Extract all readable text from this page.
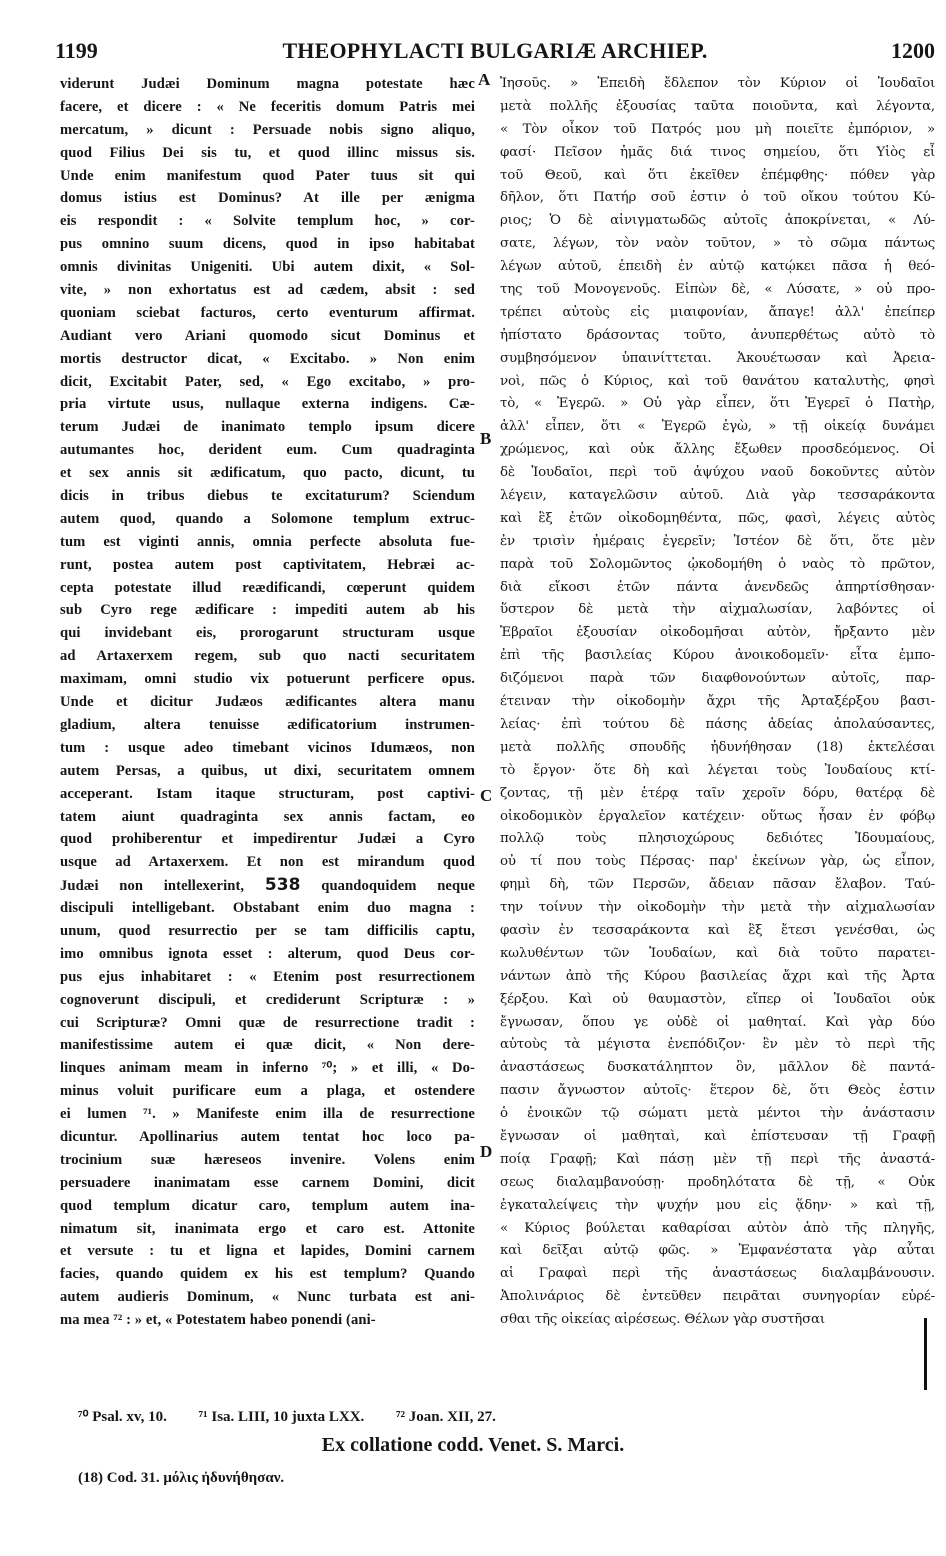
1199	THEOPHYLACTI BULGARIÆ ARCHIEP.	1200
viderunt Judæi Dominum magna potestate hæc
facere, et dicere : « Ne feceritis domum Patris mei
mercatum, » dicunt : Persuade nobis signo aliquo,
quod Filius Dei sis tu, et quod illinc missus sis.
Unde enim manifestum quod Pater tuus sit qui
domus istius est Dominus? At ille per ænigma
eis respondit : « Solvite templum hoc, » cor-
pus omnino suum dicens, quod in ipso habitabat
omnis divinitas Unigeniti. Ubi autem dixit, « Sol-
vite, » non exhortatus est ad cædem, absit : sed
quoniam sciebat facturos, certo eventurum affirmat.
Audiant vero Ariani quomodo sicut Dominus et
mortis destructor dicat, « Excitabo. » Non enim
dicit, Excitabit Pater, sed, « Ego excitabo, » pro-
pria virtute usus, nullaque externa indigens. Cæ-
terum Judæi de inanimato templo ipsum dicere
autumantes hoc, derident eum. Cum quadraginta
et sex annis sit ædificatum, quo pacto, dicunt, tu
dicis in tribus diebus te excitaturum? Sciendum
autem quod, quando a Solomone templum extruc-
tum est viginti annis, omnia perfecte absoluta fue-
runt, postea autem post captivitatem, Hebræi ac-
cepta potestate illud reædificandi, cœperunt quidem
sub Cyro rege ædificare : impediti autem ab his
qui invidebant eis, prorogarunt structuram usque
ad Artaxerxem regem, sub quo nacti securitatem
maximam, omni studio vix potuerunt perficere opus.
Unde et dicitur Judæos ædificantes altera manu
gladium, altera tenuisse ædificatorium instrumen-
tum : usque adeo timebant vicinos Idumæos, non
autem Persas, a quibus, ut dixi, securitatem omnem
acceperant. Istam itaque structuram, post captivi-
tatem aiunt quadraginta sex annis factam, eo
quod prohiberentur et impedirentur Judæi a Cyro
usque ad Artaxerxem. Et non est mirandum quod
Judæi non intellexerint, 538 quandoquidem neque
discipuli intelligebant. Obstabant enim duo magna :
unum, quod resurrectio per se tam difficilis captu,
imo omnibus ignota esset : alterum, quod Deus cor-
pus ejus inhabitaret : « Etenim post resurrectionem
cognoverunt discipuli, et crediderunt Scripturæ : »
cui Scripturæ? Omni quæ de resurrectione tradit :
manifestissime autem ei quæ dicit, « Non dere-
linques animam meam in inferno ⁷⁰; » et illi, « Do-
minus voluit purificare eum a plaga, et ostendere
ei lumen ⁷¹. » Manifeste enim illa de resurrectione
dicuntur. Apollinarius autem tentat hoc loco pa-
trocinium suæ hæreseos invenire. Volens enim
persuadere inanimatam esse carnem Domini, dicit
quod templum dicatur caro, templum autem ina-
nimatum sit, inanimata ergo et caro est. Attonite
et versute : tu et ligna et lapides, Domini carnem
facies, quando quidem ex his est templum? Quando
autem audieris Dominum, « Nunc turbata est ani-
ma mea ⁷² : » et, « Potestatem habeo ponendi (ani-
A
B
C
D
Ἰησοῦς. » Ἐπειδὴ ἔδλεπον τὸν Κύριον οἱ Ἰουδαῖοι
μετὰ πολλῆς ἐξουσίας ταῦτα ποιοῦντα, καὶ λέγοντα,
« Τὸν οἶκον τοῦ Πατρός μου μὴ ποιεῖτε ἐμπόριον, »
φασί· Πεῖσον ἡμᾶς διά τινος σημείου, ὅτι Υἱὸς εἶ
τοῦ Θεοῦ, καὶ ὅτι ἐκεῖθεν ἐπέμφθης· πόθεν γὰρ
δῆλον, ὅτι Πατήρ σοῦ ἐστιν ὁ τοῦ οἴκου τούτου Κύ-
ριος; Ὁ δὲ αἰνιγματωδῶς αὐτοῖς ἀποκρίνεται, « Λύ-
σατε, λέγων, τὸν ναὸν τοῦτον, » τὸ σῶμα πάντως
λέγων αὐτοῦ, ἐπειδὴ ἐν αὐτῷ κατῴκει πᾶσα ἡ θεό-
της τοῦ Μονογενοῦς. Εἰπὼν δὲ, « Λύσατε, » οὐ προ-
τρέπει αὐτοὺς εἰς μιαιφονίαν, ἄπαγε! ἀλλ' ἐπείπερ
ἠπίστατο δράσοντας τοῦτο, ἀνυπερθέτως αὐτὸ τὸ
συμβησόμενον ὑπαινίττεται. Ἀκουέτωσαν καὶ Ἀρεια-
νοὶ, πῶς ὁ Κύριος, καὶ τοῦ θανάτου καταλυτὴς, φησὶ
τὸ, « Ἐγερῶ. » Οὐ γὰρ εἶπεν, ὅτι Ἐγερεῖ ὁ Πατὴρ,
ἀλλ' εἶπεν, ὅτι « Ἐγερῶ ἐγὼ, » τῇ οἰκείᾳ δυνάμει
χρώμενος, καὶ οὐκ ἄλλης ἔξωθεν προσδεόμενος. Οἱ
δὲ Ἰουδαῖοι, περὶ τοῦ ἀψύχου ναοῦ δοκοῦντες αὐτὸν
λέγειν, καταγελῶσιν αὐτοῦ. Διὰ γὰρ τεσσαράκοντα
καὶ ἓξ ἐτῶν οἰκοδομηθέντα, πῶς, φασὶ, λέγεις αὐτὸς
ἐν τρισὶν ἡμέραις ἐγερεῖν; Ἰστέον δὲ ὅτι, ὅτε μὲν
παρὰ τοῦ Σολομῶντος ᾠκοδομήθη ὁ ναὸς τὸ πρῶτον,
διὰ εἴκοσι ἐτῶν πάντα ἀνενδεῶς ἀπηρτίσθησαν·
ὕστερον δὲ μετὰ τὴν αἰχμαλωσίαν, λαβόντες οἱ
Ἑβραῖοι ἐξουσίαν οἰκοδομῆσαι αὐτὸν, ἤρξαντο μὲν
ἐπὶ τῆς βασιλείας Κύρου ἀνοικοδομεῖν· εἶτα ἐμπο-
διζόμενοι παρὰ τῶν διαφθονούντων αὐτοῖς, παρ-
έτειναν τὴν οἰκοδομὴν ἄχρι τῆς Ἀρταξέρξου βασι-
λείας· ἐπὶ τούτου δὲ πάσης ἀδείας ἀπολαύσαντες,
μετὰ πολλῆς σπουδῆς ἠδυνήθησαν (18) ἐκτελέσαι
τὸ ἔργον· ὅτε δὴ καὶ λέγεται τοὺς Ἰουδαίους κτί-
ζοντας, τῇ μὲν ἑτέρᾳ ταῖν χεροῖν δόρυ, θατέρᾳ δὲ
οἰκοδομικὸν ἐργαλεῖον κατέχειν· οὕτως ἦσαν ἐν φόβῳ
πολλῷ τοὺς πλησιοχώρους δεδιότες Ἰδουμαίους,
οὐ τί που τοὺς Πέρσας· παρ' ἐκείνων γὰρ, ὡς εἶπον,
φημὶ δὴ, τῶν Περσῶν, ἄδειαν πᾶσαν ἔλαβον. Ταύ-
την τοίνυν τὴν οἰκοδομὴν τὴν μετὰ τὴν αἰχμαλωσίαν
φασὶν ἐν τεσσαράκοντα καὶ ἓξ ἔτεσι γενέσθαι, ὡς
κωλυθέντων τῶν Ἰουδαίων, καὶ διὰ τοῦτο παρατει-
νάντων ἀπὸ τῆς Κύρου βασιλείας ἄχρι καὶ τῆς Ἀρτα
ξέρξου. Καὶ οὐ θαυμαστὸν, εἴπερ οἱ Ἰουδαῖοι οὐκ
ἔγνωσαν, ὅπου γε οὐδὲ οἱ μαθηταί. Καὶ γὰρ δύο
αὐτοὺς τὰ μέγιστα ἐνεπόδιζον· ἓν μὲν τὸ περὶ τῆς
ἀναστάσεως δυσκατάληπτον ὂν, μᾶλλον δὲ παντά-
πασιν ἄγνωστον αὐτοῖς· ἕτερον δὲ, ὅτι Θεὸς ἐστιν
ὁ ἐνοικῶν τῷ σώματι μετὰ μέντοι τὴν ἀνάστασιν
ἔγνωσαν οἱ μαθηταὶ, καὶ ἐπίστευσαν τῇ Γραφῇ
ποίᾳ Γραφῇ; Καὶ πάσῃ μὲν τῇ περὶ τῆς ἀναστά-
σεως διαλαμβανούσῃ· προδηλότατα δὲ τῇ, « Οὐκ
ἐγκαταλείψεις τὴν ψυχήν μου εἰς ᾅδην· » καὶ τῇ,
« Κύριος βούλεται καθαρίσαι αὐτὸν ἀπὸ τῆς πληγῆς,
καὶ δεῖξαι αὐτῷ φῶς. » Ἐμφανέστατα γὰρ αὗται
αἱ Γραφαὶ περὶ τῆς ἀναστάσεως διαλαμβάνουσιν.
Ἀπολινάριος δὲ ἐντεῦθεν πειρᾶται συνηγορίαν εὑρέ-
σθαι τῆς οἰκείας αἱρέσεως. Θέλων γὰρ συστῆσαι
⁷⁰ Psal. xv, 10. ⁷¹ Isa. LIII, 10 juxta LXX. ⁷² Joan. XII, 27.
Ex collatione codd. Venet. S. Marci.
(18) Cod. 31. μόλις ἠδυνήθησαν.
